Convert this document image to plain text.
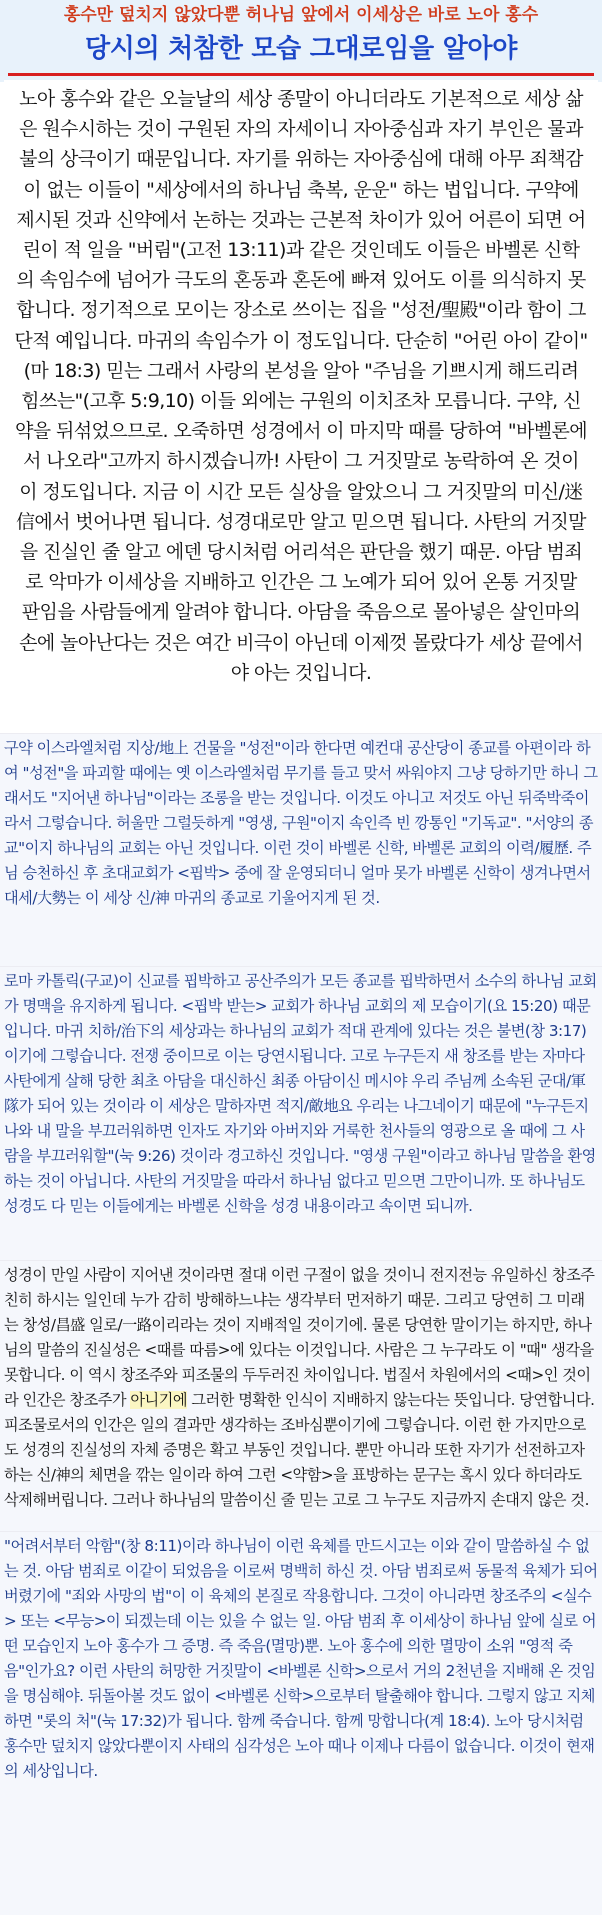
홍수만 덮치지 않았다뿐 허나님 앞에서 이세상은 바로 노아 홍수
당시의 처참한 모습 그대로임을 알아야
노아 홍수와 같은 오늘날의 세상 종말이 아니더라도 기본적으로 세상 삶은 원수시하는 것이 구원된 자의 자세이니 자아중심과 자기 부인은 물과 불의 상극이기 때문입니다. 자기를 위하는 자아중심에 대해 아무 죄책감이 없는 이들이 "세상에서의 하나님 축복, 운운" 하는 법입니다. 구약에 제시된 것과 신약에서 논하는 것과는 근본적 차이가 있어 어른이 되면 어린이 적 일을 "버림"(고전 13:11)과 같은 것인데도 이들은 바벨론 신학의 속임수에 넘어가 극도의 혼동과 혼돈에 빠져 있어도 이를 의식하지 못합니다. 정기적으로 모이는 장소로 쓰이는 집을 "성전/聖殿"이라 함이 그 단적 예입니다. 마귀의 속임수가 이 정도입니다. 단순히 "어린 아이 같이"(마 18:3) 믿는 그래서 사랑의 본성을 알아 "주님을 기쁘시게 해드리려 힘쓰는"(고후 5:9,10) 이들 외에는 구원의 이치조차 모릅니다. 구약, 신약을 뒤섞었으므로. 오죽하면 성경에서 이 마지막 때를 당하여 "바벨론에서 나오라"고까지 하시겠습니까! 사탄이 그 거짓말로 농락하여 온 것이 이 정도입니다. 지금 이 시간 모든 실상을 알았으니 그 거짓말의 미신/迷信에서 벗어나면 됩니다. 성경대로만 알고 믿으면 됩니다. 사탄의 거짓말을 진실인 줄 알고 에덴 당시처럼 어리석은 판단을 했기 때문. 아담 범죄로 악마가 이세상을 지배하고 인간은 그 노예가 되어 있어 온통 거짓말 판임을 사람들에게 알려야 합니다. 아담을 죽음으로 몰아넣은 살인마의 손에 놀아난다는 것은 여간 비극이 아닌데 이제껏 몰랐다가 세상 끝에서야 아는 것입니다.
구약 이스라엘처럼 지상/地上 건물을 "성전"이라 한다면 예컨대 공산당이 종교를 아편이라 하여 "성전"을 파괴할 때에는 옛 이스라엘처럼 무기를 들고 맞서 싸워야지 그냥 당하기만 하니 그래서도 "지어낸 하나님"이라는 조롱을 받는 것입니다. 이것도 아니고 저것도 아닌 뒤죽박죽이라서 그렇습니다. 허울만 그럴듯하게 "영생, 구원"이지 속인즉 빈 깡통인 "기독교". "서양의 종교"이지 하나님의 교회는 아닌 것입니다. 이런 것이 바벨론 신학, 바벨론 교회의 이력/履歷. 주님 승천하신 후 초대교회가 <핍박> 중에 잘 운영되더니 얼마 못가 바벨론 신학이 생겨나면서 대세/大勢는 이 세상 신/神 마귀의 종교로 기울어지게 된 것.
로마 카톨릭(구교)이 신교를 핍박하고 공산주의가 모든 종교를 핍박하면서 소수의 하나님 교회가 명맥을 유지하게 됩니다. <핍박 받는> 교회가 하나님 교회의 제 모습이기(요 15:20) 때문입니다. 마귀 치하/治下의 세상과는 하나님의 교회가 적대 관계에 있다는 것은 불변(창 3:17)이기에 그렇습니다. 전쟁 중이므로 이는 당연시됩니다. 고로 누구든지 새 창조를 받는 자마다 사탄에게 살해 당한 최초 아담을 대신하신 최종 아담이신 메시야 우리 주님께 소속된 군대/軍隊가 되어 있는 것이라 이 세상은 말하자면 적지/敵地요 우리는 나그네이기 때문에 "누구든지 나와 내 말을 부끄러워하면 인자도 자기와 아버지와 거룩한 천사들의 영광으로 올 때에 그 사람을 부끄러워할"(눅 9:26) 것이라 경고하신 것입니다. "영생 구원"이라고 하나님 말씀을 환영하는 것이 아닙니다. 사탄의 거짓말을 따라서 하나님 없다고 믿으면 그만이니까. 또 하나님도 성경도 다 믿는 이들에게는 바벨론 신학을 성경 내용이라고 속이면 되니까.
성경이 만일 사람이 지어낸 것이라면 절대 이런 구절이 없을 것이니 전지전능 유일하신 창조주 친히 하시는 일인데 누가 감히 방해하느냐는 생각부터 먼저하기 때문. 그리고 당연히 그 미래는 창성/昌盛 일로/一路이리라는 것이 지배적일 것이기에. 물론 당연한 말이기는 하지만, 하나님의 말씀의 진실성은 <때를 따름>에 있다는 이것입니다. 사람은 그 누구라도 이 "때" 생각을 못합니다. 이 역시 창조주와 피조물의 두두러진 차이입니다. 법질서 차원에서의 <때>인 것이라 인간은 창조주가 아니기에 그러한 명확한 인식이 지배하지 않는다는 뜻입니다. 당연합니다. 피조물로서의 인간은 일의 결과만 생각하는 조바심뿐이기에 그렇습니다. 이런 한 가지만으로도 성경의 진실성의 자체 증명은 확고 부동인 것입니다. 뿐만 아니라 또한 자기가 선전하고자 하는 신/神의 체면을 깎는 일이라 하여 그런 <약함>을 표방하는 문구는 혹시 있다 하더라도 삭제해버립니다. 그러나 하나님의 말씀이신 줄 믿는 고로 그 누구도 지금까지 손대지 않은 것.
"어려서부터 악함"(창 8:11)이라 하나님이 이런 육체를 만드시고는 이와 같이 말씀하실 수 없는 것. 아담 범죄로 이같이 되었음을 이로써 명백히 하신 것. 아담 범죄로써 동물적 육체가 되어버렸기에 "죄와 사망의 법"이 이 육체의 본질로 작용합니다. 그것이 아니라면 창조주의 <실수> 또는 <무능>이 되겠는데 이는 있을 수 없는 일. 아담 범죄 후 이세상이 하나님 앞에 실로 어떤 모습인지 노아 홍수가 그 증명. 즉 죽음(멸망)뿐. 노아 홍수에 의한 멸망이 소위 "영적 죽음"인가요? 이런 사탄의 허망한 거짓말이 <바벨론 신학>으로서 거의 2천년을 지배해 온 것임을 명심해야. 뒤돌아볼 것도 없이 <바벨론 신학>으로부터 탈출해야 합니다. 그렇지 않고 지체하면 "롯의 처"(눅 17:32)가 됩니다. 함께 죽습니다. 함께 망합니다(계 18:4). 노아 당시처럼 홍수만 덮치지 않았다뿐이지 사태의 심각성은 노아 때나 이제나 다름이 없습니다. 이것이 현재의 세상입니다.
